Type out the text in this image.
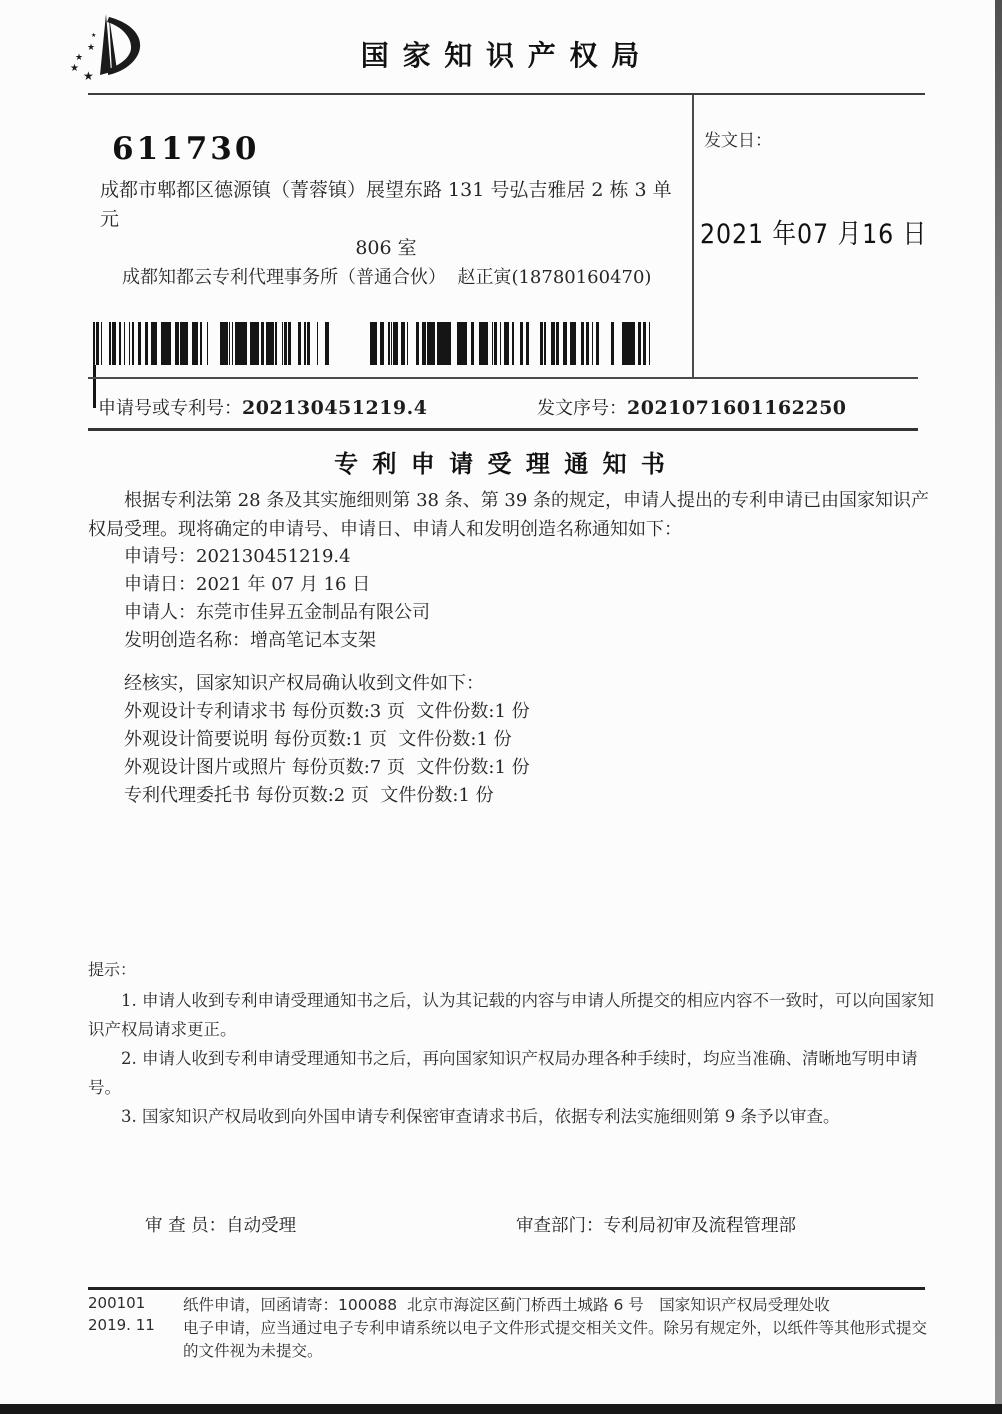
★
★
★
★
★
国 家 知 识 产 权 局
发文日：
2021 年07 月16 日
611730
成都市郫都区德源镇（菁蓉镇）展望东路 131 号弘吉雅居 2 栋 3 单元
806 室
成都知都云专利代理事务所（普通合伙）  赵正寅(18780160470)
申请号或专利号：202130451219.4	发文序号：2021071601162250
专 利 申 请 受 理 通 知 书
根据专利法第 28 条及其实施细则第 38 条、第 39 条的规定，申请人提出的专利申请已由国家知识产权局受理。现将确定的申请号、申请日、申请人和发明创造名称通知如下：
申请号：202130451219.4
申请日：2021 年 07 月 16 日
申请人：东莞市佳昇五金制品有限公司
发明创造名称：增高笔记本支架
经核实，国家知识产权局确认收到文件如下：
外观设计专利请求书 每份页数:3 页  文件份数:1 份
外观设计简要说明 每份页数:1 页  文件份数:1 份
外观设计图片或照片 每份页数:7 页  文件份数:1 份
专利代理委托书 每份页数:2 页  文件份数:1 份
提示：

1. 申请人收到专利申请受理通知书之后，认为其记载的内容与申请人所提交的相应内容不一致时，可以向国家知识产权局请求更正。

2. 申请人收到专利申请受理通知书之后，再向国家知识产权局办理各种手续时，均应当准确、清晰地写明申请号。

3. 国家知识产权局收到向外国申请专利保密审查请求书后，依据专利法实施细则第 9 条予以审查。

审 查 员：自动受理	审查部门：专利局初审及流程管理部
200101
2019. 11

纸件申请，回函请寄：100088  北京市海淀区蓟门桥西土城路 6 号　国家知识产权局受理处收

电子申请，应当通过电子专利申请系统以电子文件形式提交相关文件。除另有规定外，以纸件等其他形式提交的文件视为未提交。
